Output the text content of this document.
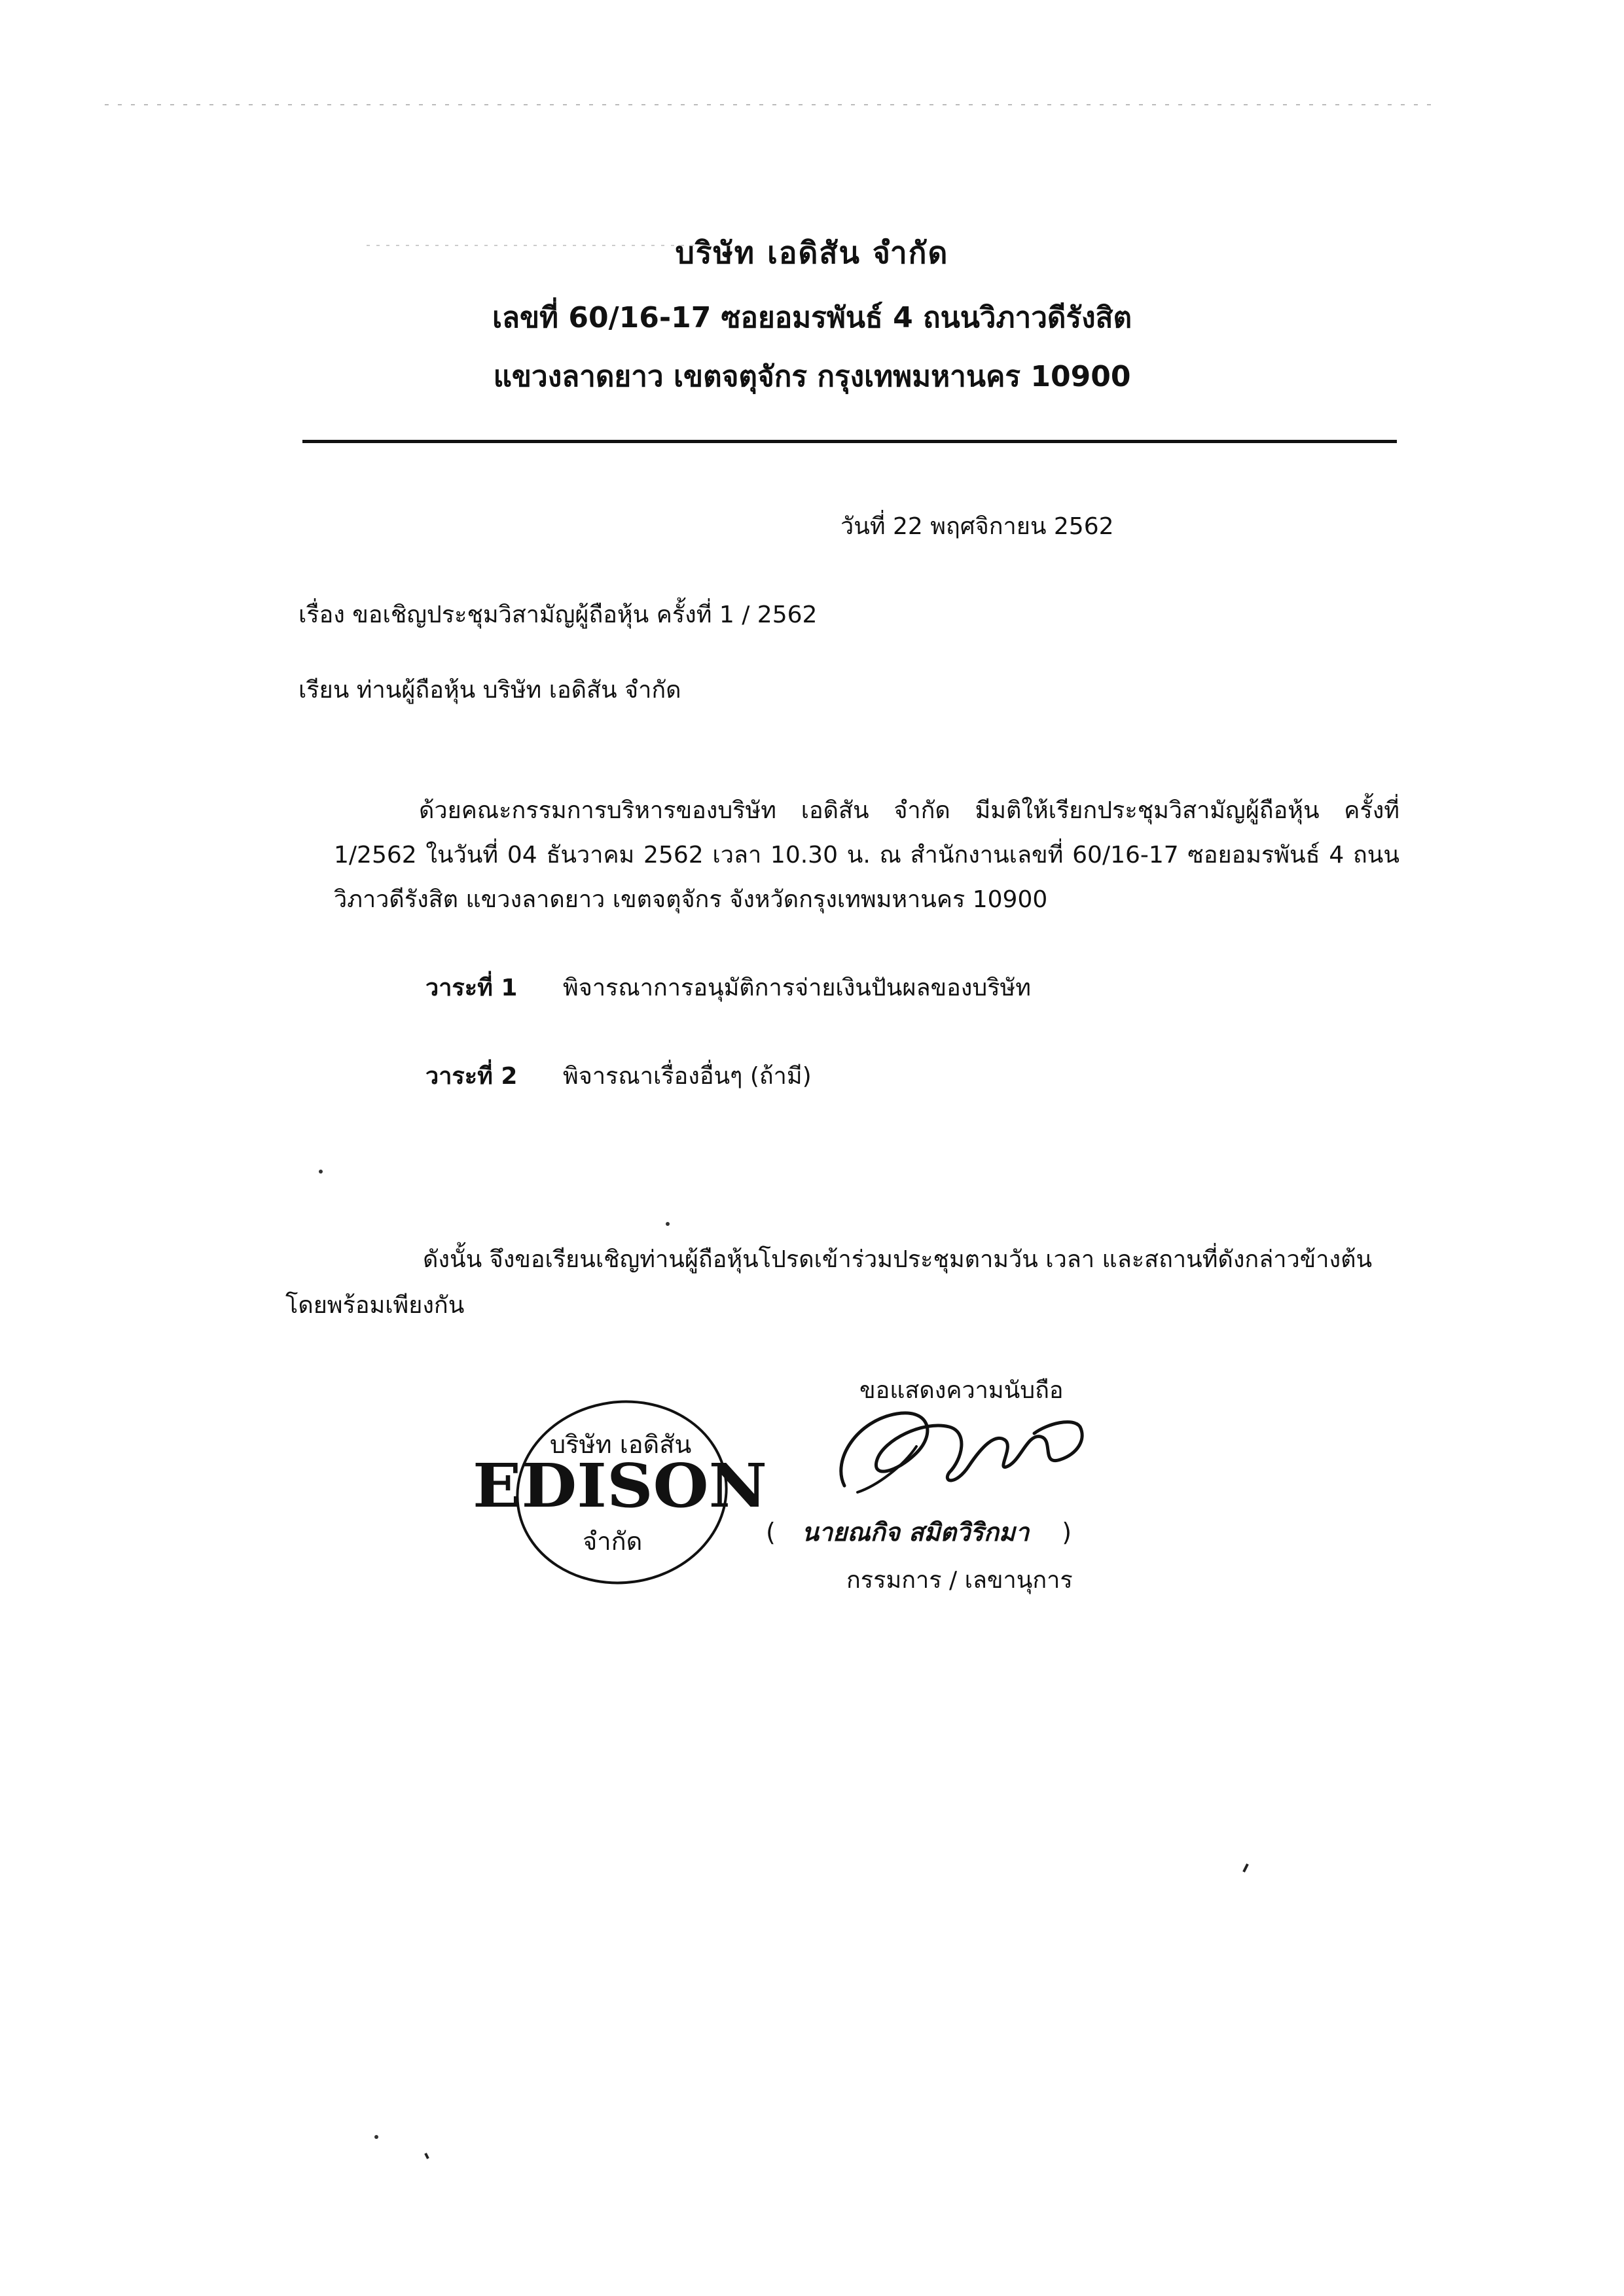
บริษัท เอดิสัน จำกัด
เลขที่ 60/16-17 ซอยอมรพันธ์ 4 ถนนวิภาวดีรังสิต
แขวงลาดยาว เขตจตุจักร กรุงเทพมหานคร 10900
วันที่ 22 พฤศจิกายน 2562
เรื่อง ขอเชิญประชุมวิสามัญผู้ถือหุ้น ครั้งที่ 1 / 2562
เรียน ท่านผู้ถือหุ้น บริษัท เอดิสัน จำกัด
ด้วยคณะกรรมการบริหารของบริษัท เอดิสัน จำกัด มีมติให้เรียกประชุมวิสามัญผู้ถือหุ้น ครั้งที่ 1/2562 ในวันที่ 04 ธันวาคม 2562 เวลา 10.30 น. ณ สำนักงานเลขที่ 60/16-17 ซอยอมรพันธ์ 4 ถนนวิภาวดีรังสิต แขวงลาดยาว เขตจตุจักร จังหวัดกรุงเทพมหานคร 10900
วาระที่ 1 พิจารณาการอนุมัติการจ่ายเงินปันผลของบริษัท
วาระที่ 2 พิจารณาเรื่องอื่นๆ (ถ้ามี)
ดังนั้น จึงขอเรียนเชิญท่านผู้ถือหุ้นโปรดเข้าร่วมประชุมตามวัน เวลา และสถานที่ดังกล่าวข้างต้น โดยพร้อมเพียงกัน
ขอแสดงความนับถือ
บริษัท เอดิสัน
EDISON
จำกัด	( นายณกิจ สมิตวิริกมา )
กรรมการ / เลขานุการ
